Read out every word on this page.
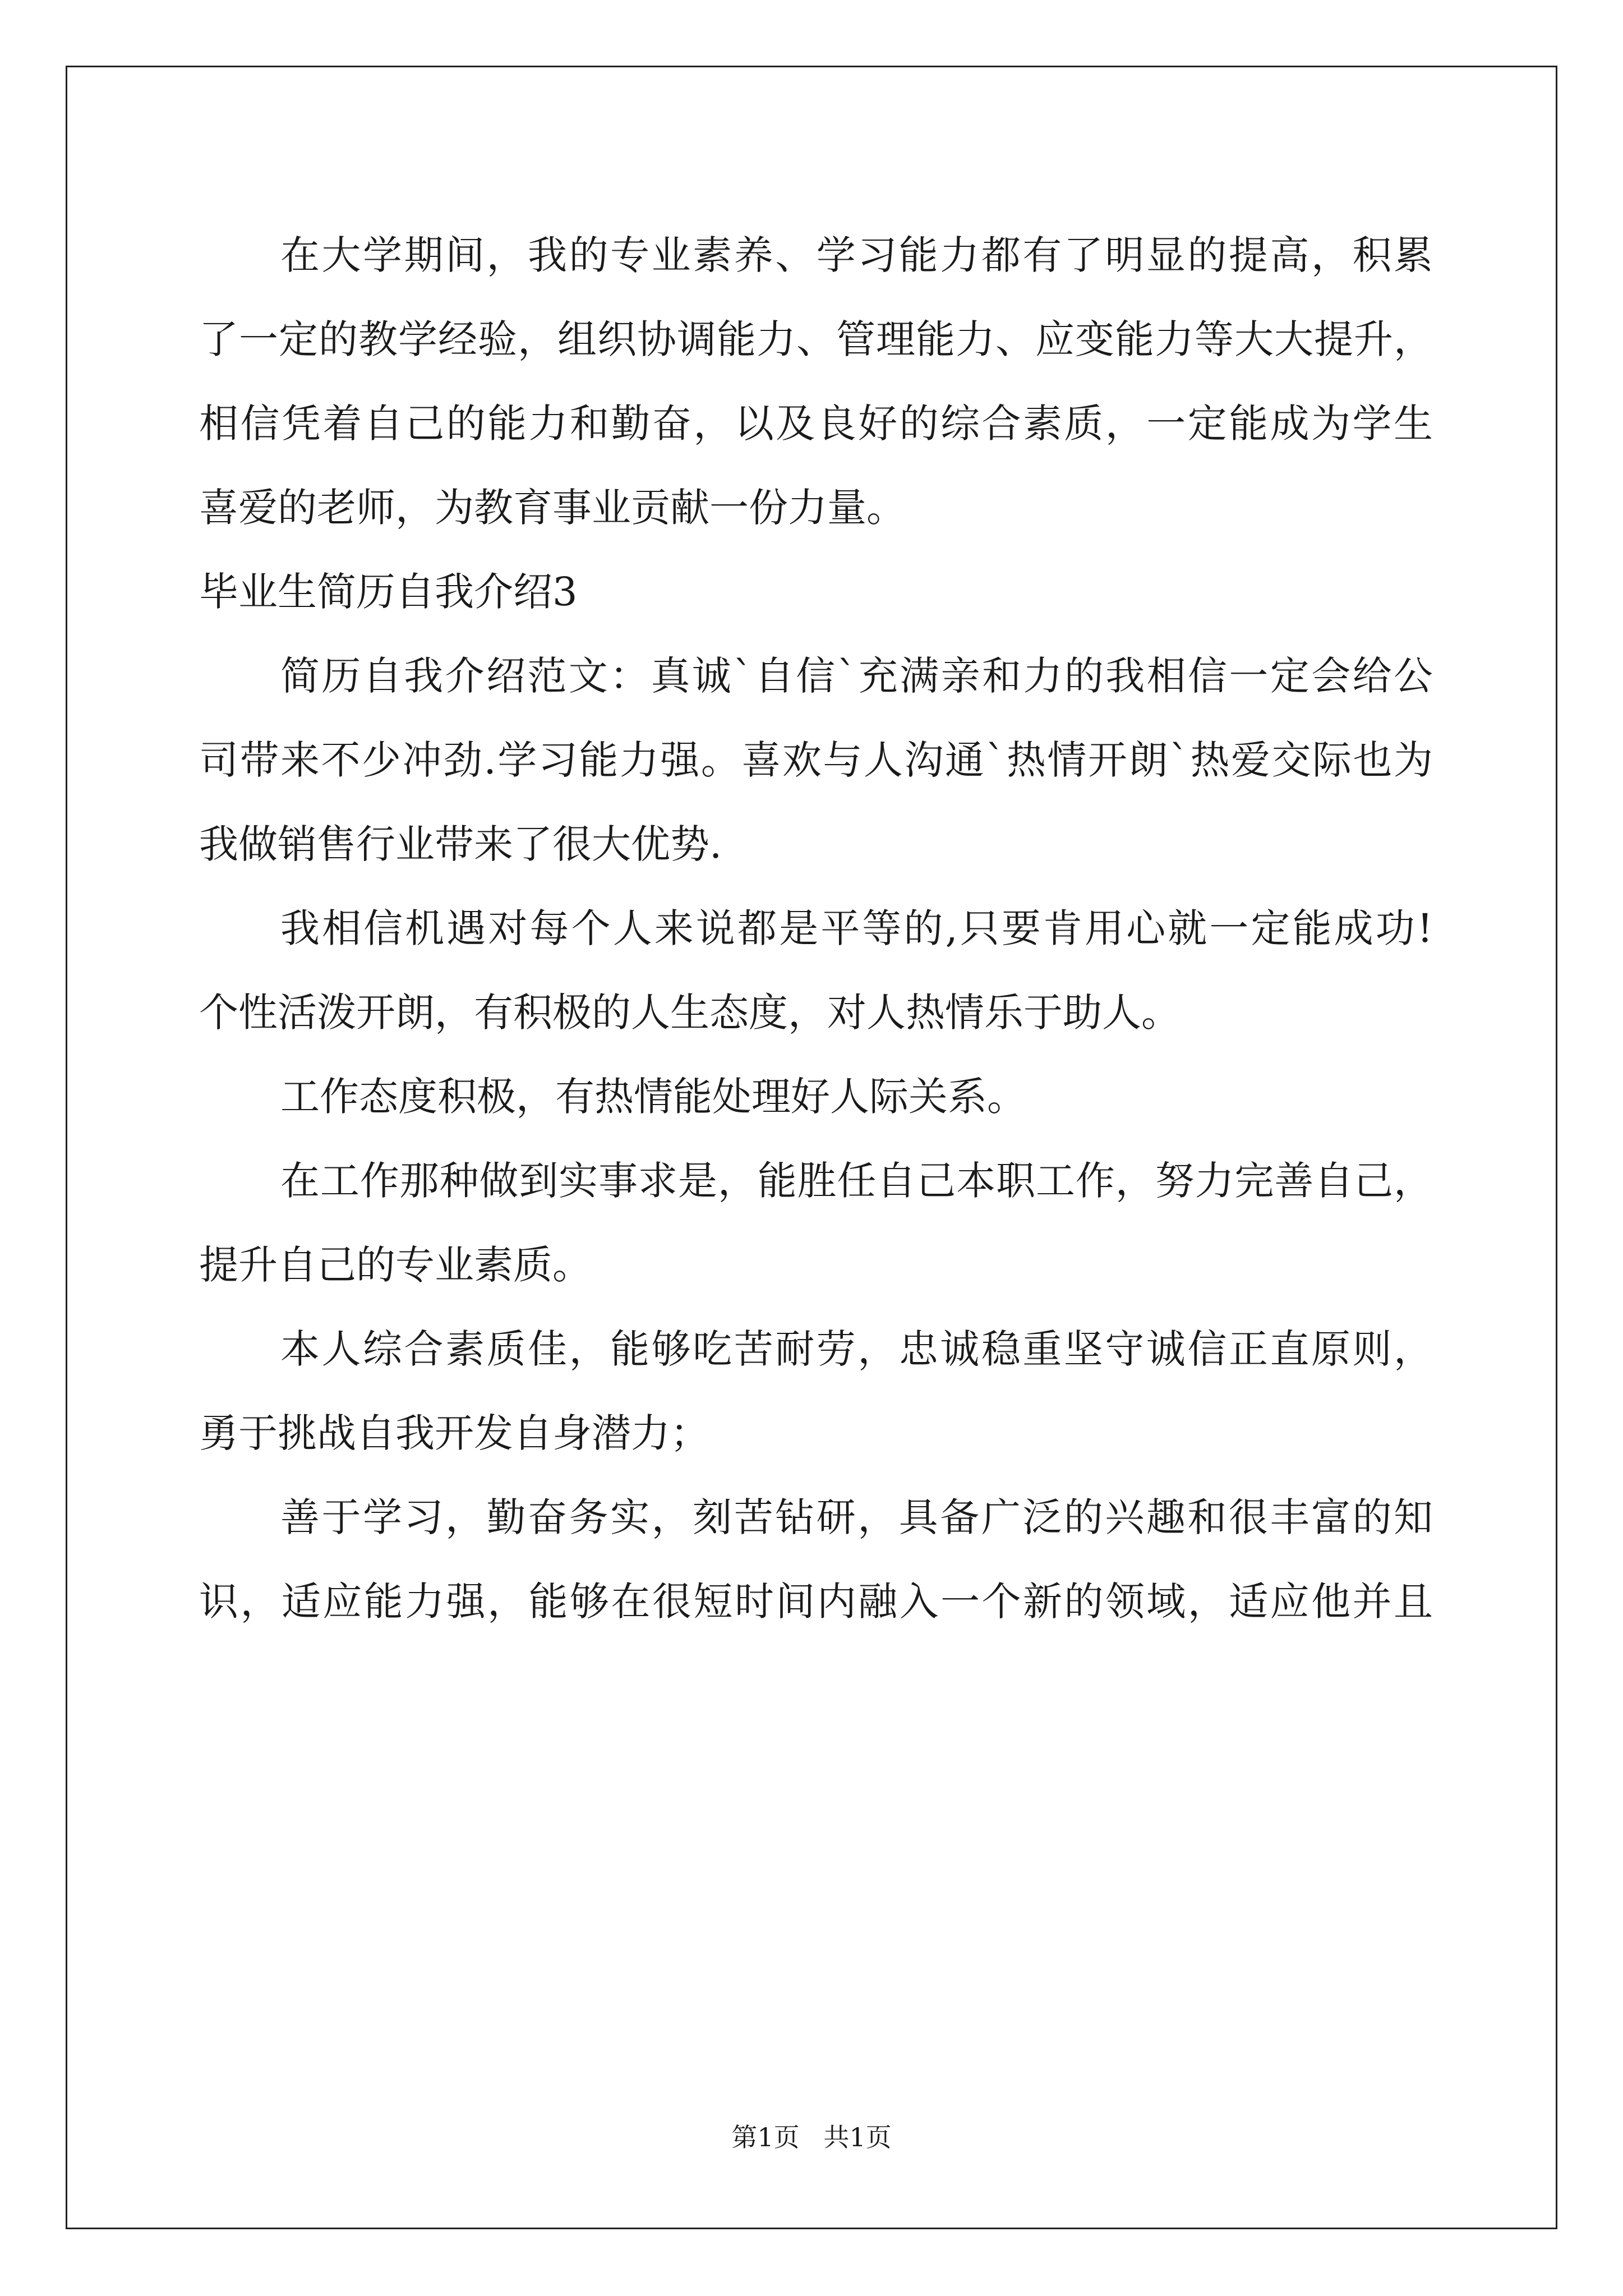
在大学期间，我的专业素养、学习能力都有了明显的提高，积累

了一定的教学经验，组织协调能力、管理能力、应变能力等大大提升，

相信凭着自己的能力和勤奋，以及良好的综合素质，一定能成为学生

喜爱的老师，为教育事业贡献一份力量。

毕业生简历自我介绍3

简历自我介绍范文：真诚`自信`充满亲和力的我相信一定会给公

司带来不少冲劲.学习能力强。喜欢与人沟通`热情开朗`热爱交际也为

我做销售行业带来了很大优势.

我相信机遇对每个人来说都是平等的,只要肯用心就一定能成功!

个性活泼开朗，有积极的人生态度，对人热情乐于助人。

工作态度积极，有热情能处理好人际关系。

在工作那种做到实事求是，能胜任自己本职工作，努力完善自己，

提升自己的专业素质。

本人综合素质佳，能够吃苦耐劳，忠诚稳重坚守诚信正直原则，

勇于挑战自我开发自身潜力；

善于学习，勤奋务实，刻苦钻研，具备广泛的兴趣和很丰富的知

识，适应能力强，能够在很短时间内融入一个新的领域，适应他并且

第1页 共1页
